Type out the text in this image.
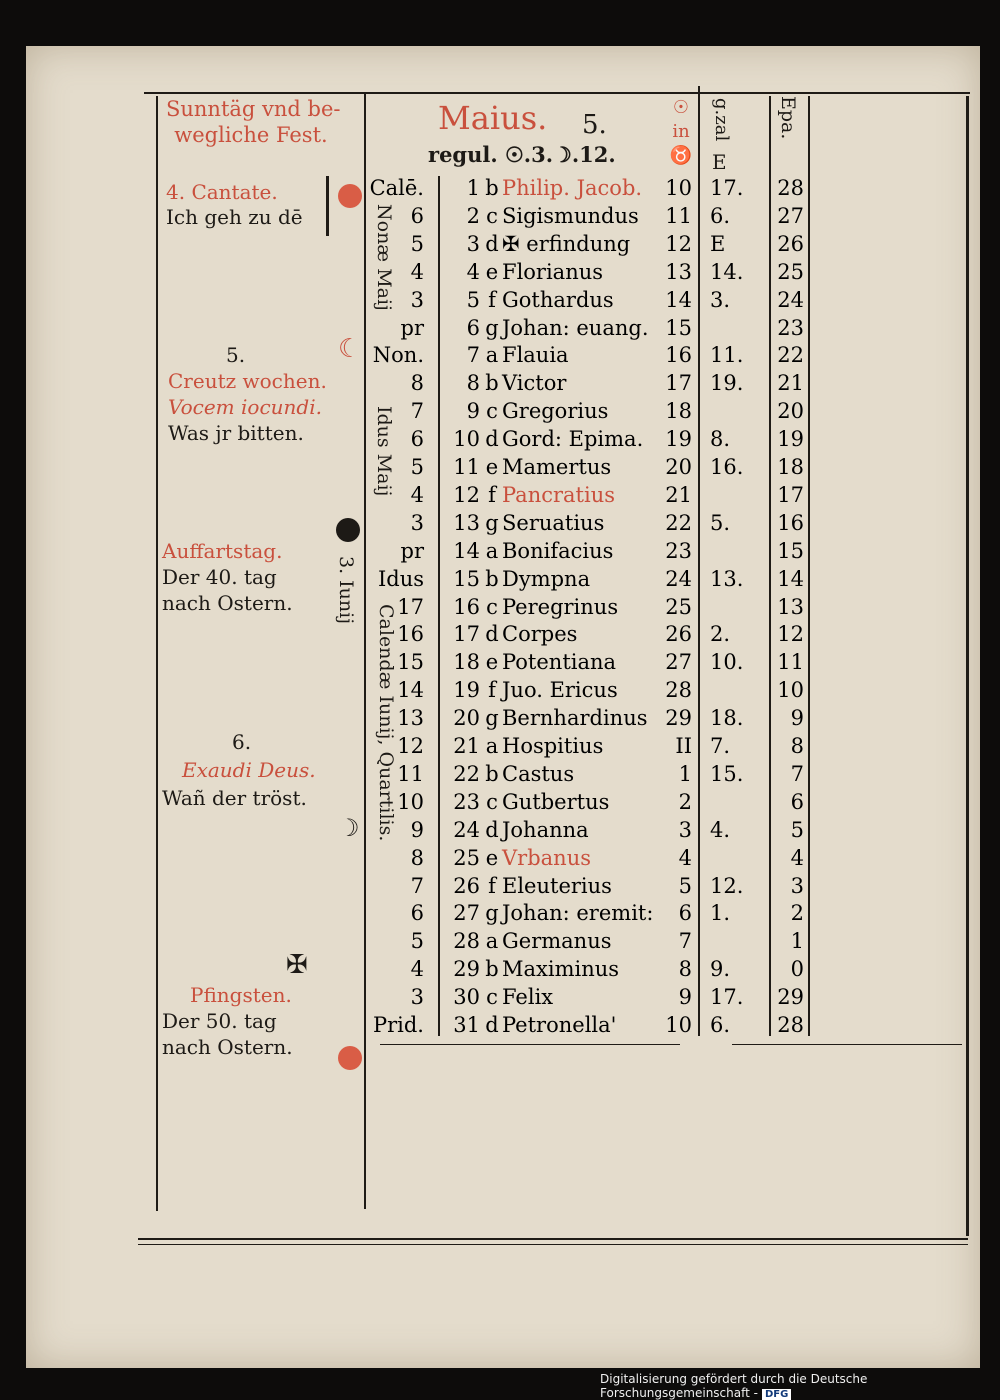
Sunntäg vnd be-
wegliche Fest.	Maius. 5.
regul. ☉.3.☽.12.
☉ in ♉
g.zal
E
Epa.
☾
☽
3. Iunij
Nonæ Maij
Idus Maij
Calendæ Iunij, Quartilis.
4. Cantate.
Ich geh zu dē
5.
Creutz wochen.
Vocem iocundi.
Was jr bitten.
Auffartstag.
Der 40. tag
nach Ostern.
6.
Exaudi Deus.
Wañ der tröst.
✠
Pfingsten.
Der 50. tag
nach Ostern.
Calē.	1 b Philip. Jacob.	10 17.	28
6	2 c Sigismundus	11 6.	27
5	3 d ✠ erfindung	12 E	26
4	4 e Florianus	13 14.	25
3	5 f Gothardus	14 3.	24
pr	6 g Johan: euang. 15	23
Non.	7 a Flauia	16 11.	22
8	8 b Victor	17 19.	21
7	9 c Gregorius	18	20
6	10 d Gord: Epima.	19 8.	19
5	11 e Mamertus	20 16.	18
4	12 f Pancratius	21	17
3	13 g Seruatius	22 5.	16
pr	14 a Bonifacius	23	15
Idus	15 b Dympna	24 13.	14
17	16 c Peregrinus	25	13
16	17 d Corpes	26 2.	12
15	18 e Potentiana	27 10.	11
14	19 f Juo. Ericus	28	10
13	20 g Bernhardinus 29 18.	9
12	21 a Hospitius	II 7.	8
11	22 b Castus	1 15.	7
10	23 c Gutbertus	2	6
9	24 d Johanna	3 4.	5
8	25 e Vrbanus	4	4
7	26 f Eleuterius	5 12.	3
6	27 g Johan: eremit:	6 1.	2
5	28 a Germanus	7	1
4	29 b Maximinus	8 9.	0
3	30 c Felix	9 17.	29
Prid.	31 d Petronella'	10 6.	28
Digitalisierung gefördert durch die Deutsche Forschungsgemeinschaft - DFG
